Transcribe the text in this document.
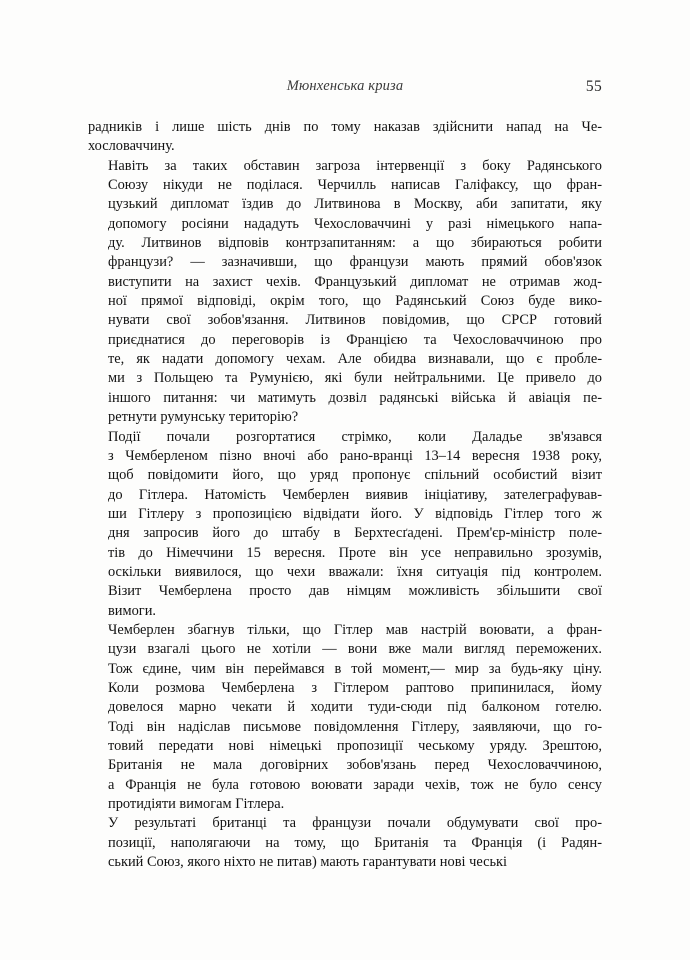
Мюнхенська криза	55

радників і лише шість днів по тому наказав здійснити напад на Че-
хословаччину.

Навіть за таких обставин загроза інтервенції з боку Радянського
Союзу нікуди не поділася. Черчилль написав Галіфаксу, що фран-
цузький дипломат їздив до Литвинова в Москву, аби запитати, яку
допомогу росіяни нададуть Чехословаччині у разі німецького напа-
ду. Литвинов відповів контрзапитанням: а що збираються робити
французи? — зазначивши, що французи мають прямий обов'язок
виступити на захист чехів. Французький дипломат не отримав жод-
ної прямої відповіді, окрім того, що Радянський Союз буде вико-
нувати свої зобов'язання. Литвинов повідомив, що СРСР готовий
приєднатися до переговорів із Францією та Чехословаччиною про
те, як надати допомогу чехам. Але обидва визнавали, що є пробле-
ми з Польщею та Румунією, які були нейтральними. Це привело до
іншого питання: чи матимуть дозвіл радянські війська й авіація пе-
ретнути румунську територію?

Події почали розгортатися стрімко, коли Даладье зв'язався
з Чемберленом пізно вночі або рано-вранці 13–14 вересня 1938 року,
щоб повідомити його, що уряд пропонує спільний особистий візит
до Гітлера. Натомість Чемберлен виявив ініціативу, зателеграфував-
ши Гітлеру з пропозицією відвідати його. У відповідь Гітлер того ж
дня запросив його до штабу в Берхтесґадені. Прем'єр-міністр поле-
тів до Німеччини 15 вересня. Проте він усе неправильно зрозумів,
оскільки виявилося, що чехи вважали: їхня ситуація під контролем.
Візит Чемберлена просто дав німцям можливість збільшити свої
вимоги.

Чемберлен збагнув тільки, що Гітлер мав настрій воювати, а фран-
цузи взагалі цього не хотіли — вони вже мали вигляд переможених.
Тож єдине, чим він переймався в той момент,— мир за будь-яку ціну.
Коли розмова Чемберлена з Гітлером раптово припинилася, йому
довелося марно чекати й ходити туди-сюди під балконом готелю.
Тоді він надіслав письмове повідомлення Гітлеру, заявляючи, що го-
товий передати нові німецькі пропозиції чеському уряду. Зрештою,
Британія не мала договірних зобов'язань перед Чехословаччиною,
а Франція не була готовою воювати заради чехів, тож не було сенсу
протидіяти вимогам Гітлера.

У результаті британці та французи почали обдумувати свої про-
позиції, наполягаючи на тому, що Британія та Франція (і Радян-
ський Союз, якого ніхто не питав) мають гарантувати нові чеські
